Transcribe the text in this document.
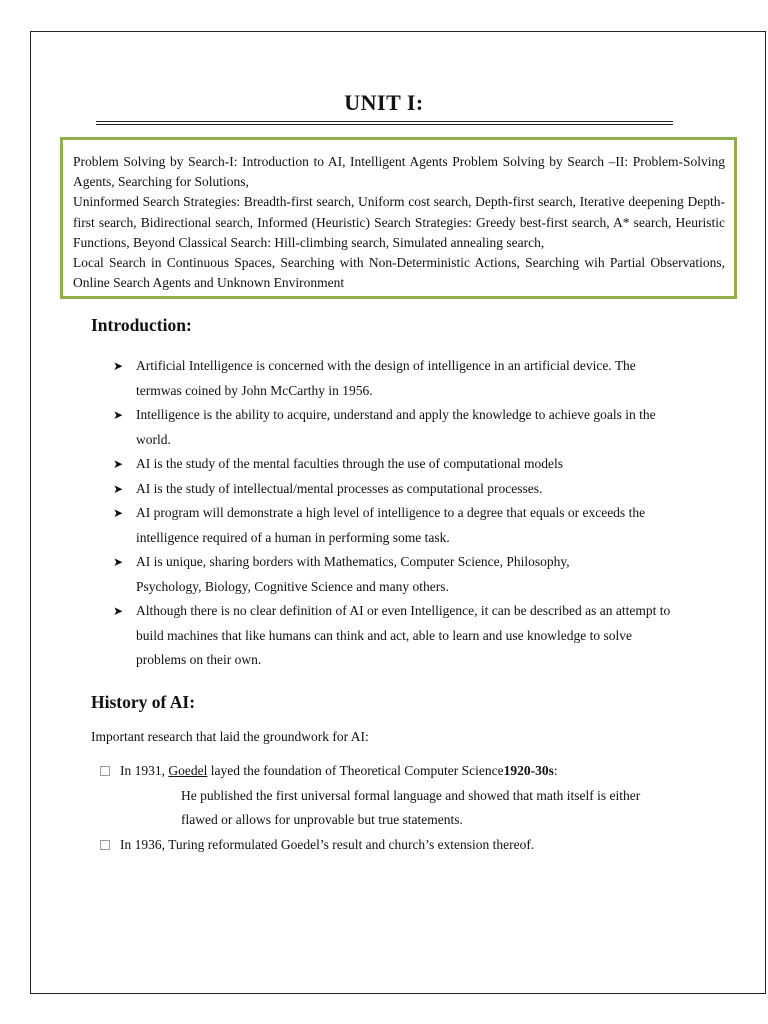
UNIT I:

Problem Solving by Search-I: Introduction to AI, Intelligent Agents Problem Solving by Search –II: Problem-Solving Agents, Searching for Solutions,

Uninformed Search Strategies: Breadth-first search, Uniform cost search, Depth-first search, Iterative deepening Depth-first search, Bidirectional search, Informed (Heuristic) Search Strategies: Greedy best-first search, A* search, Heuristic Functions, Beyond Classical Search: Hill-climbing search, Simulated annealing search,

Local Search in Continuous Spaces, Searching with Non-Deterministic Actions, Searching wih Partial Observations, Online Search Agents and Unknown Environment

Introduction:
➤ Artificial Intelligence is concerned with the design of intelligence in an artificial device. The termwas coined by John McCarthy in 1956.
➤ Intelligence is the ability to acquire, understand and apply the knowledge to achieve goals in the world.
➤ AI is the study of the mental faculties through the use of computational models
➤ AI is the study of intellectual/mental processes as computational processes.
➤ AI program will demonstrate a high level of intelligence to a degree that equals or exceeds the intelligence required of a human in performing some task.
➤ AI is unique, sharing borders with Mathematics, Computer Science, Philosophy, Psychology, Biology, Cognitive Science and many others.
➤ Although there is no clear definition of AI or even Intelligence, it can be described as an attempt to build machines that like humans can think and act, able to learn and use knowledge to solve problems on their own.
History of AI:
Important research that laid the groundwork for AI:
In 1931, Goedel layed the foundation of Theoretical Computer Science1920-30s:
He published the first universal formal language and showed that math itself is either
flawed or allows for unprovable but true statements.
In 1936, Turing reformulated Goedel’s result and church’s extension thereof.
